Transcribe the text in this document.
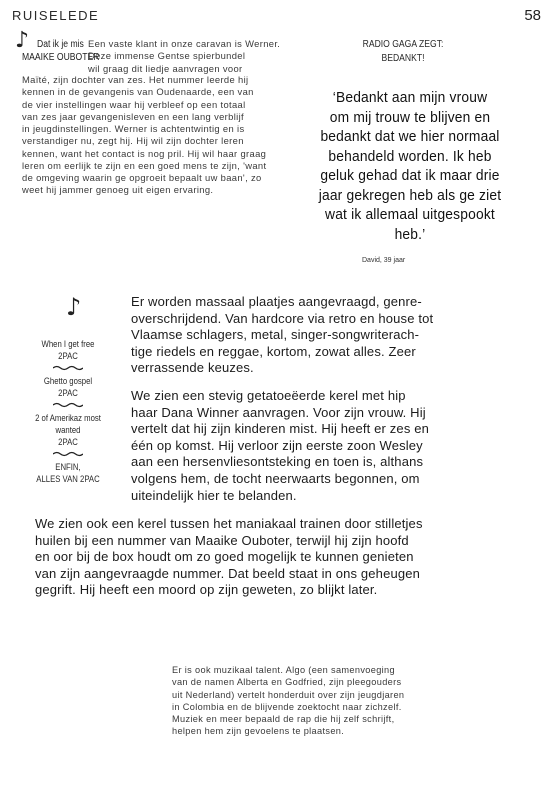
RUISELEDE	58
♪ Dat ik je mis
MAAIKE OUBOTER
Een vaste klant in onze caravan is Werner.
Deze immense Gentse spierbundel
wil graag dit liedje aanvragen voor
Maïté, zijn dochter van zes. Het nummer leerde hij
kennen in de gevangenis van Oudenaarde, een van
de vier instellingen waar hij verbleef op een totaal
van zes jaar gevangenisleven en een lang verblijf
in jeugdinstellingen. Werner is achtentwintig en is
verstandiger nu, zegt hij. Hij wil zijn dochter leren
kennen, want het contact is nog pril. Hij wil haar graag
leren om eerlijk te zijn en een goed mens te zijn, 'want
de omgeving waarin ge opgroeit bepaalt uw baan', zo
weet hij jammer genoeg uit eigen ervaring.
RADIO GAGA ZEGT:
BEDANKT!
‘Bedankt aan mijn vrouw
om mij trouw te blijven en
bedankt dat we hier normaal
behandeld worden. Ik heb
geluk gehad dat ik maar drie
jaar gekregen heb als ge ziet
wat ik allemaal uitgespookt
heb.’
David, 39 jaar
♪
When I get free
2PAC
Ghetto gospel
2PAC
2 of Amerikaz most
wanted
2PAC
ENFIN,
ALLES VAN 2PAC
Er worden massaal plaatjes aangevraagd, genre-
overschrijdend. Van hardcore via retro en house tot
Vlaamse schlagers, metal, singer-songwriterach-
tige riedels en reggae, kortom, zowat alles. Zeer
verrassende keuzes.
We zien een stevig getatoeëerde kerel met hip
haar Dana Winner aanvragen. Voor zijn vrouw. Hij
vertelt dat hij zijn kinderen mist. Hij heeft er zes en
één op komst. Hij verloor zijn eerste zoon Wesley
aan een hersenvliesontsteking en toen is, althans
volgens hem, de tocht neerwaarts begonnen, om
uiteindelijk hier te belanden.
We zien ook een kerel tussen het maniakaal trainen door stilletjes
huilen bij een nummer van Maaike Ouboter, terwijl hij zijn hoofd
en oor bij de box houdt om zo goed mogelijk te kunnen genieten
van zijn aangevraagde nummer. Dat beeld staat in ons geheugen
gegrift. Hij heeft een moord op zijn geweten, zo blijkt later.
Er is ook muzikaal talent. Algo (een samenvoeging
van de namen Alberta en Godfried, zijn pleegouders
uit Nederland) vertelt honderduit over zijn jeugdjaren
in Colombia en de blijvende zoektocht naar zichzelf.
Muziek en meer bepaald de rap die hij zelf schrijft,
helpen hem zijn gevoelens te plaatsen.
